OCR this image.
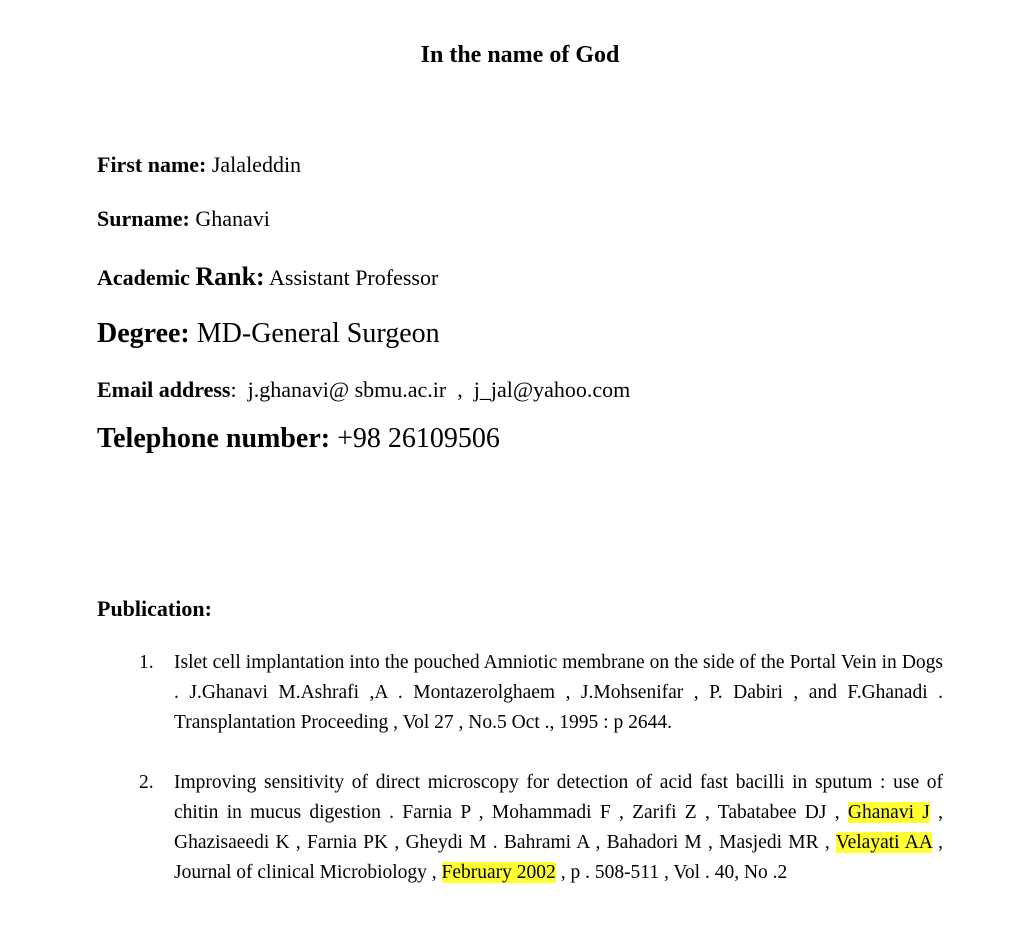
In the name of God
First name: Jalaleddin
Surname: Ghanavi
Academic Rank: Assistant Professor
Degree: MD-General Surgeon
Email address: j.ghanavi@ sbmu.ac.ir  ,  j_jal@yahoo.com
Telephone number: +98 26109506
Publication:
1. Islet cell implantation into the pouched Amniotic membrane on the side of the Portal Vein in Dogs . J.Ghanavi M.Ashrafi ,A . Montazerolghaem , J.Mohsenifar , P. Dabiri , and F.Ghanadi . Transplantation Proceeding , Vol 27 , No.5 Oct ., 1995 : p 2644.
2. Improving sensitivity of direct microscopy for detection of acid fast bacilli in sputum : use of chitin in mucus digestion . Farnia P , Mohammadi F , Zarifi Z , Tabatabee DJ , Ghanavi J , Ghazisaeedi K , Farnia PK , Gheydi M . Bahrami A , Bahadori M , Masjedi MR , Velayati AA , Journal of clinical Microbiology , February 2002 , p . 508-511 , Vol . 40, No .2
